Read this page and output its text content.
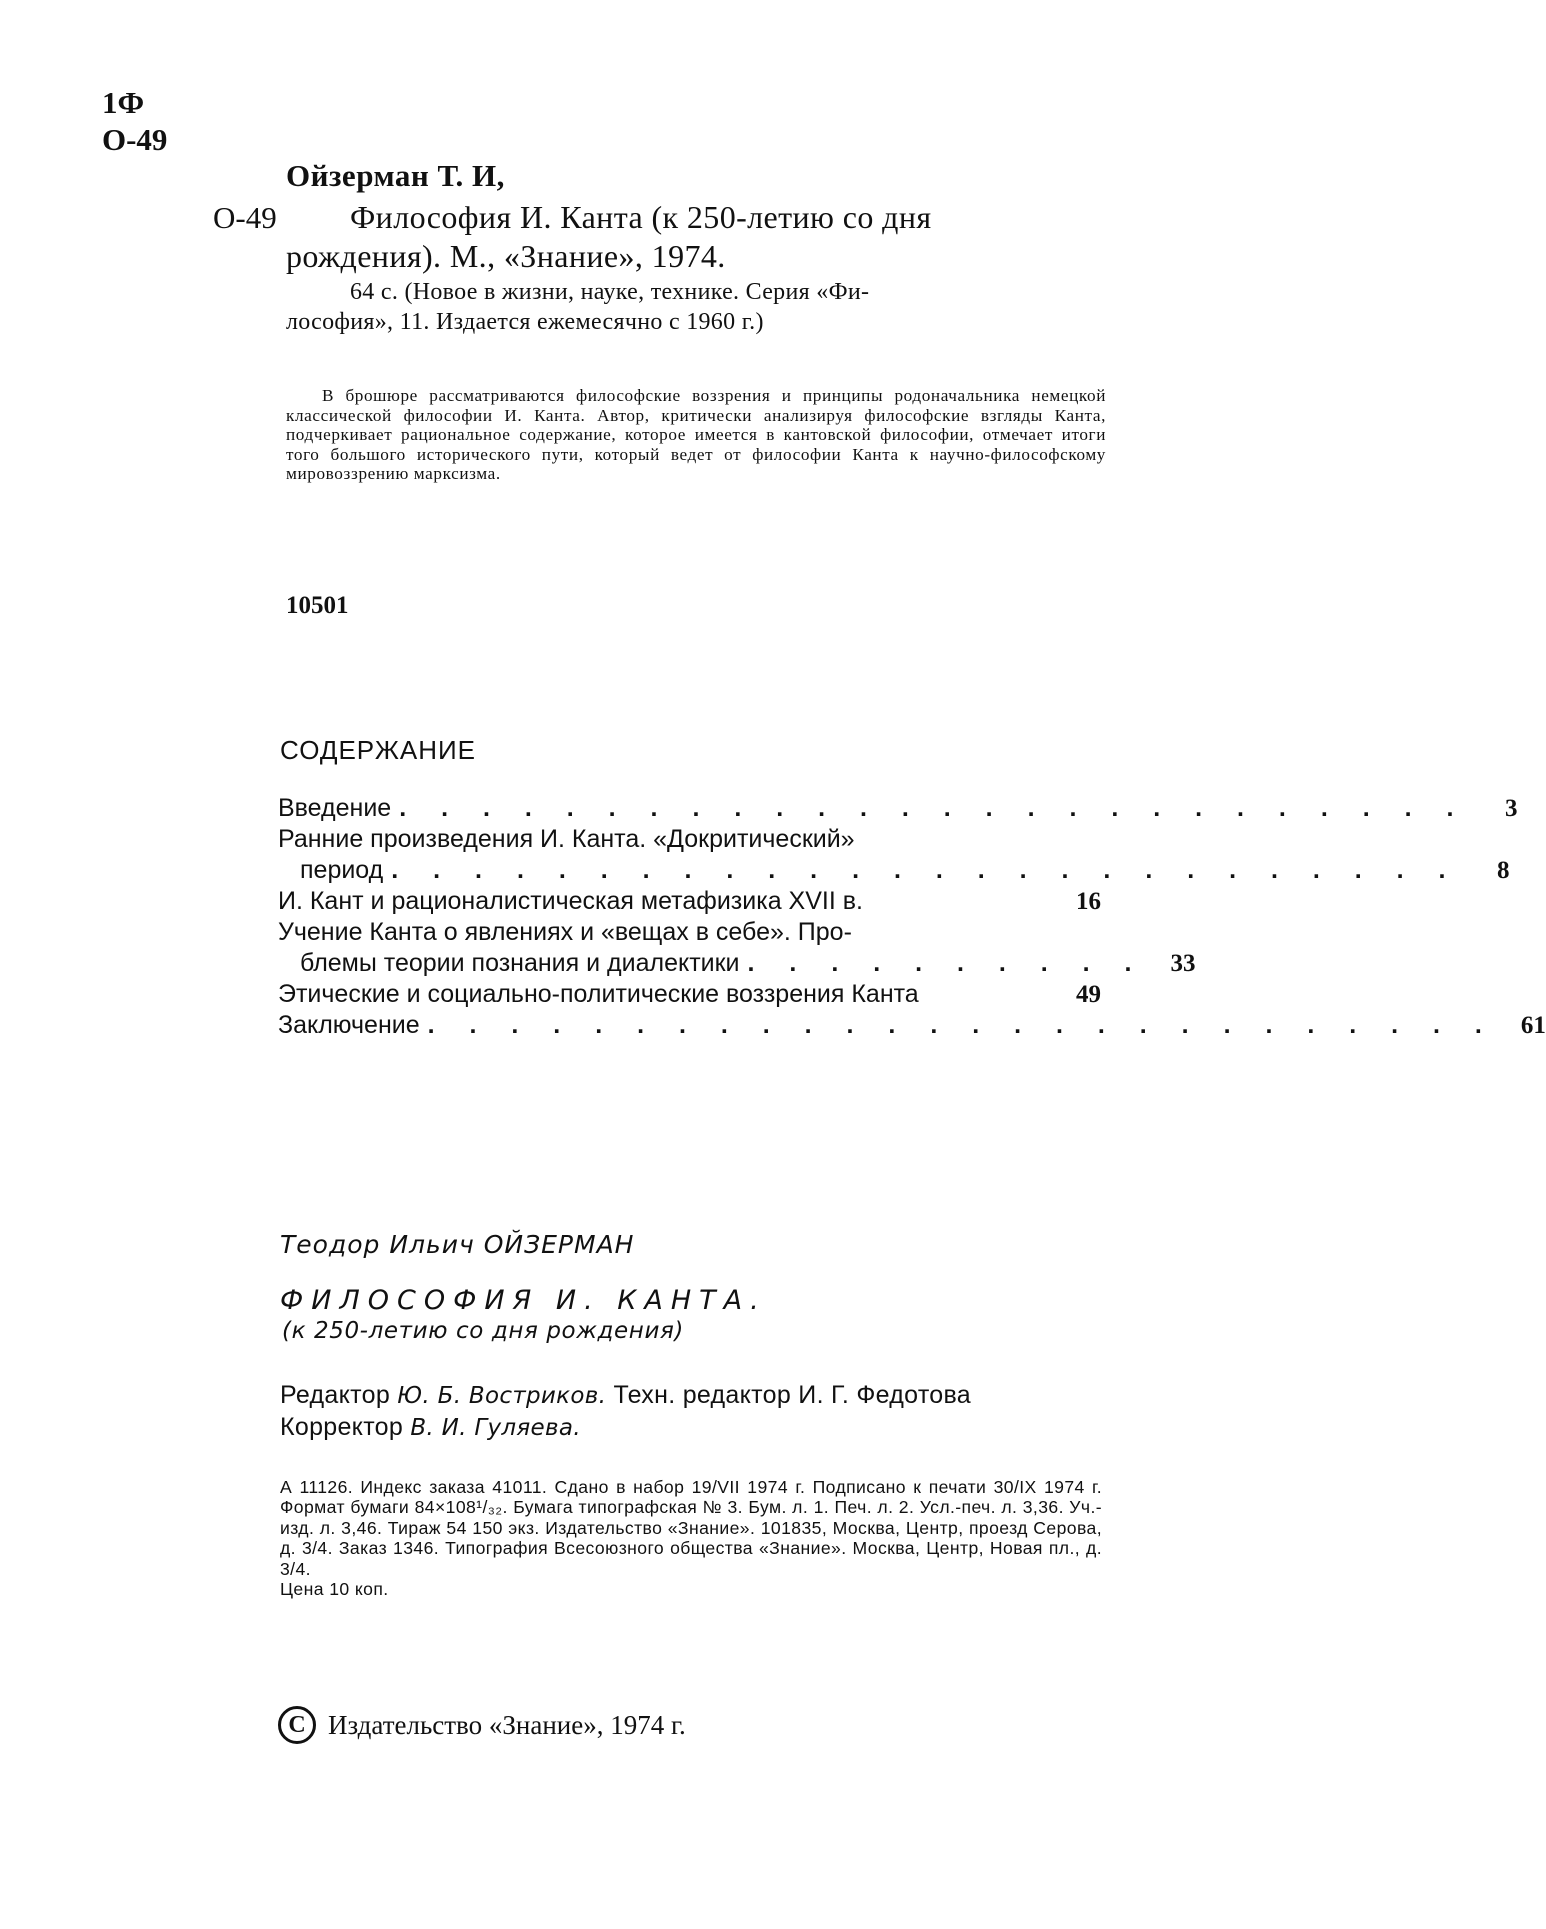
1Ф
О-49
Ойзерман Т. И,
О-49 Философия И. Канта (к 250-летию со дня
рождения). М., «Знание», 1974.
64 с. (Новое в жизни, науке, технике. Серия «Фи-
лософия», 11. Издается ежемесячно с 1960 г.)
В брошюре рассматриваются философские воззрения и принципы родоначальника немецкой классической философии И. Канта. Автор, критически анализируя философские взгляды Канта, подчеркивает рациональное содержание, которое имеется в кантовской философии, отмечает итоги того большого исторического пути, который ведет от философии Канта к научно-философскому мировоззрению марксизма.
10501
СОДЕРЖАНИЕ
Введение . . . . . . . . . . . . . . . . . . . . . . . . . .	3
Ранние произведения И. Канта. «Докритический»
период . . . . . . . . . . . . . . . . . . . . . . . . . .	8
И. Кант и рационалистическая метафизика XVII в.	16
Учение Канта о явлениях и «вещах в себе». Про-
блемы теории познания и диалектики . . . . . . . . . .	33
Этические и социально-политические воззрения Канта	49
Заключение . . . . . . . . . . . . . . . . . . . . . . . . . .	61
Теодор Ильич ОЙЗЕРМАН
ФИЛОСОФИЯ И. КАНТА.
(к 250-летию со дня рождения)
Редактор Ю. Б. Востриков. Техн. редактор И. Г. Федотова Корректор В. И. Гуляева.
А 11126. Индекс заказа 41011. Сдано в набор 19/VII 1974 г. Подписано к печати 30/IX 1974 г. Формат бумаги 84×108¹/₃₂. Бумага типографская № 3. Бум. л. 1. Печ. л. 2. Усл.-печ. л. 3,36. Уч.-изд. л. 3,46. Тираж 54 150 экз. Издательство «Знание». 101835, Москва, Центр, проезд Серова, д. 3/4. Заказ 1346. Типография Всесоюзного общества «Знание». Москва, Центр, Новая пл., д. 3/4.
Цена 10 коп.
C Издательство «Знание», 1974 г.
